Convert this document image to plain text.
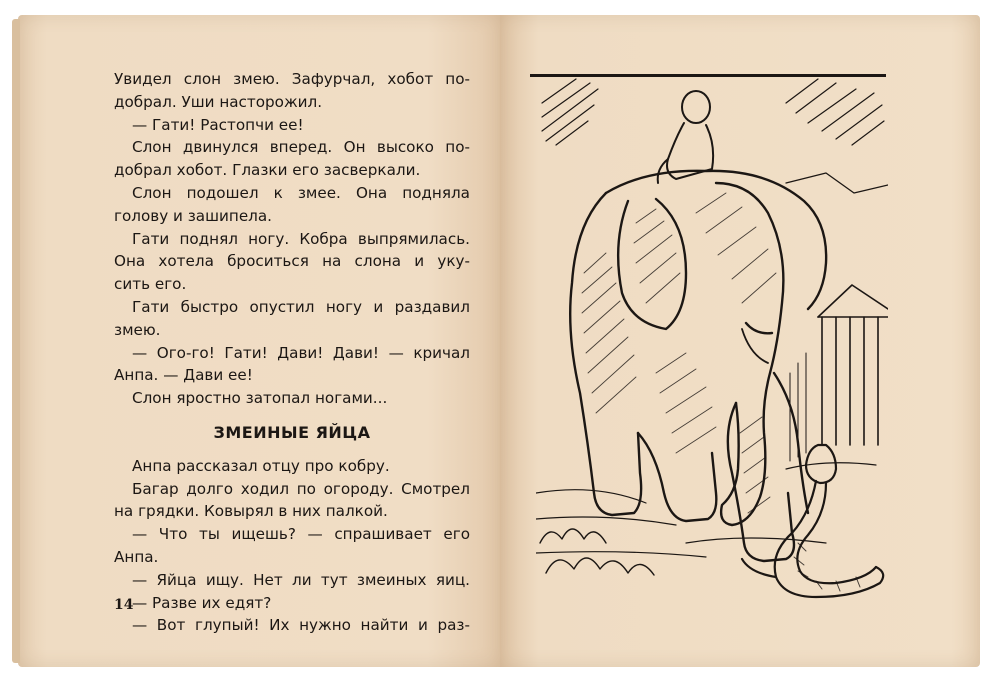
Увидел слон змею. Зафурчал, хобот по-
добрал. Уши насторожил.
— Гати! Растопчи ее!
Слон двинулся вперед. Он высоко по-
добрал хобот. Глазки его засверкали.
Слон подошел к змее. Она подняла
голову и зашипела.
Гати поднял ногу. Кобра выпрямилась.
Она хотела броситься на слона и уку-
сить его.
Гати быстро опустил ногу и раздавил
змею.
— Ого-го! Гати! Дави! Дави! — кричал
Анпа. — Дави ее!
Слон яростно затопал ногами...
ЗМЕИНЫЕ ЯЙЦА
Анпа рассказал отцу про кобру.
Багар долго ходил по огороду. Смотрел
на грядки. Ковырял в них палкой.
— Что ты ищешь? — спрашивает его
Анпа.
— Яйца ищу. Нет ли тут змеиных яиц.
— Разве их едят?
— Вот глупый! Их нужно найти и раз-
14
